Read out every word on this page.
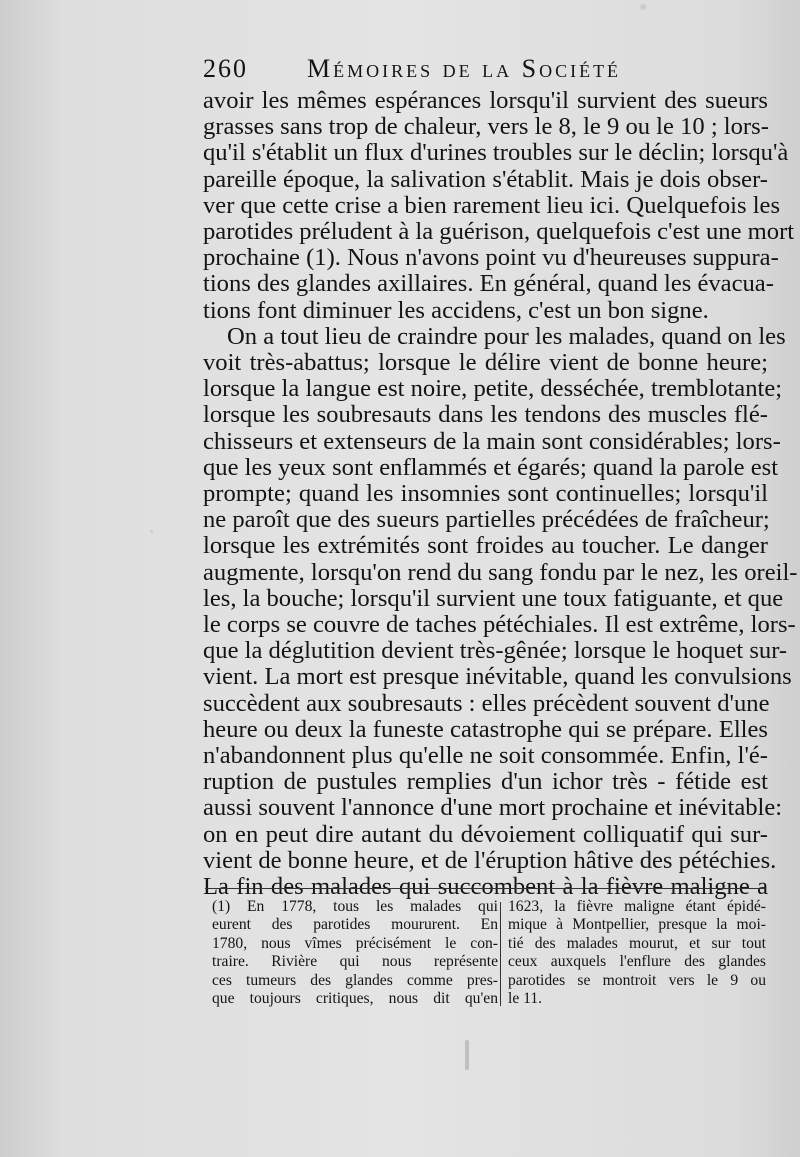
260 Mémoires de la Société
avoir les mêmes espérances lorsqu'il survient des sueurs
grasses sans trop de chaleur, vers le 8, le 9 ou le 10 ; lors-
qu'il s'établit un flux d'urines troubles sur le déclin; lorsqu'à
pareille époque, la salivation s'établit. Mais je dois obser-
ver que cette crise a bien rarement lieu ici. Quelquefois les
parotides préludent à la guérison, quelquefois c'est une mort
prochaine (1). Nous n'avons point vu d'heureuses suppura-
tions des glandes axillaires. En général, quand les évacua-
tions font diminuer les accidens, c'est un bon signe.
On a tout lieu de craindre pour les malades, quand on les
voit très-abattus; lorsque le délire vient de bonne heure;
lorsque la langue est noire, petite, desséchée, tremblotante;
lorsque les soubresauts dans les tendons des muscles flé-
chisseurs et extenseurs de la main sont considérables; lors-
que les yeux sont enflammés et égarés; quand la parole est
prompte; quand les insomnies sont continuelles; lorsqu'il
ne paroît que des sueurs partielles précédées de fraîcheur;
lorsque les extrémités sont froides au toucher. Le danger
augmente, lorsqu'on rend du sang fondu par le nez, les oreil-
les, la bouche; lorsqu'il survient une toux fatiguante, et que
le corps se couvre de taches pétéchiales. Il est extrême, lors-
que la déglutition devient très-gênée; lorsque le hoquet sur-
vient. La mort est presque inévitable, quand les convulsions
succèdent aux soubresauts : elles précèdent souvent d'une
heure ou deux la funeste catastrophe qui se prépare. Elles
n'abandonnent plus qu'elle ne soit consommée. Enfin, l'é-
ruption de pustules remplies d'un ichor très - fétide est
aussi souvent l'annonce d'une mort prochaine et inévitable:
on en peut dire autant du dévoiement colliquatif qui sur-
vient de bonne heure, et de l'éruption hâtive des pétéchies.
La fin des malades qui succombent à la fièvre maligne a
(1) En 1778, tous les malades qui
eurent des parotides moururent. En
1780, nous vîmes précisément le con-
traire. Rivière qui nous représente
ces tumeurs des glandes comme pres-
que toujours critiques, nous dit qu'en
1623, la fièvre maligne étant épidé-
mique à Montpellier, presque la moi-
tié des malades mourut, et sur tout
ceux auxquels l'enflure des glandes
parotides se montroit vers le 9 ou
le 11.
